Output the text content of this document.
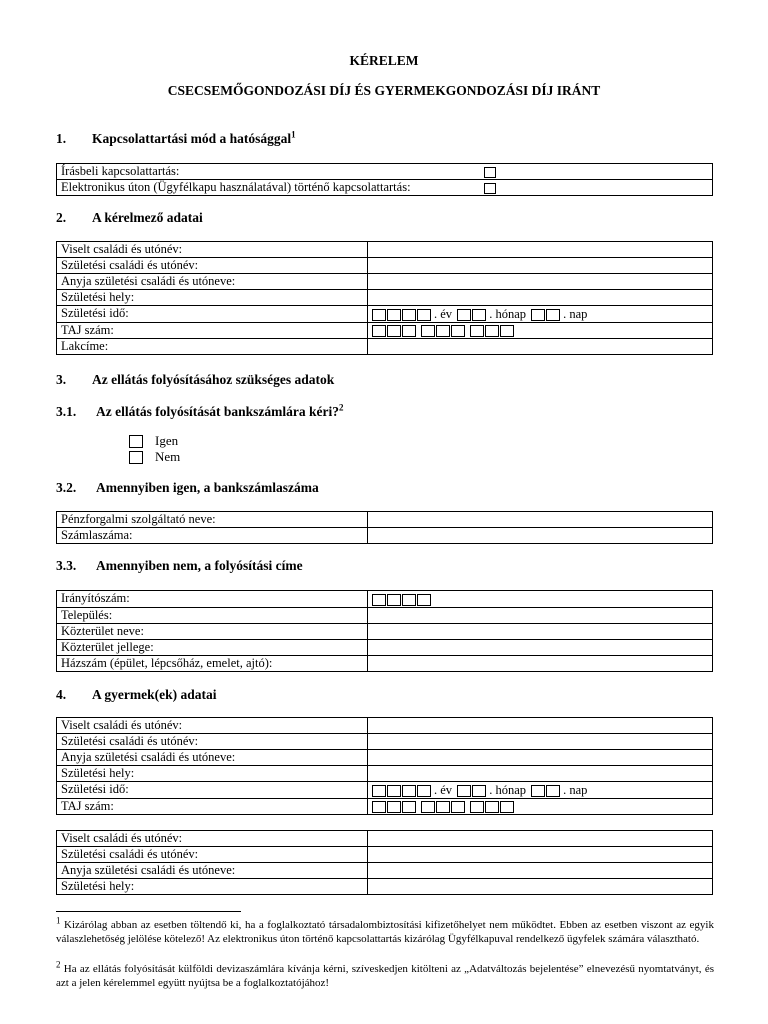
KÉRELEM
CSECSEMŐGONDOZÁSI DÍJ ÉS GYERMEKGONDOZÁSI DÍJ IRÁNT
1. Kapcsolattartási mód a hatósággal$^1$
Írásbeli kapcsolattartás:	
Elektronikus úton (Ügyfélkapu használatával) történő kapcsolattartás:	
2. A kérelmező adatai
Viselt családi és utónév:	
Születési családi és utónév:	
Anyja születési családi és utóneve:	
Születési hely:	
Születési idő:	. év . hónap . nap
TAJ szám:	
Lakcíme:	
3. Az ellátás folyósításához szükséges adatok
3.1. Az ellátás folyósítását bankszámlára kéri?$^2$
Igen
Nem
3.2. Amennyiben igen, a bankszámlaszáma
Pénzforgalmi szolgáltató neve:	
Számlaszáma:	
3.3. Amennyiben nem, a folyósítási címe
Irányítószám:	
Település:	
Közterület neve:	
Közterület jellege:	
Házszám (épület, lépcsőház, emelet, ajtó):	
4. A gyermek(ek) adatai
Viselt családi és utónév:	
Születési családi és utónév:	
Anyja születési családi és utóneve:	
Születési hely:	
Születési idő:	. év . hónap . nap
TAJ szám:	
Viselt családi és utónév:	
Születési családi és utónév:	
Anyja születési családi és utóneve:	
Születési hely:	
$^1$ Kizárólag abban az esetben töltendő ki, ha a foglalkoztató társadalombiztosítási kifizetőhelyet nem működtet. Ebben az esetben viszont az egyik válaszlehetőség jelölése kötelező! Az elektronikus úton történő kapcsolattartás kizárólag Ügyfélkapuval rendelkező ügyfelek számára választható.
$^2$ Ha az ellátás folyósítását külföldi devizaszámlára kívánja kérni, szíveskedjen kitölteni az „Adatváltozás bejelentése” elnevezésű nyomtatványt, és azt a jelen kérelemmel együtt nyújtsa be a foglalkoztatójához!
